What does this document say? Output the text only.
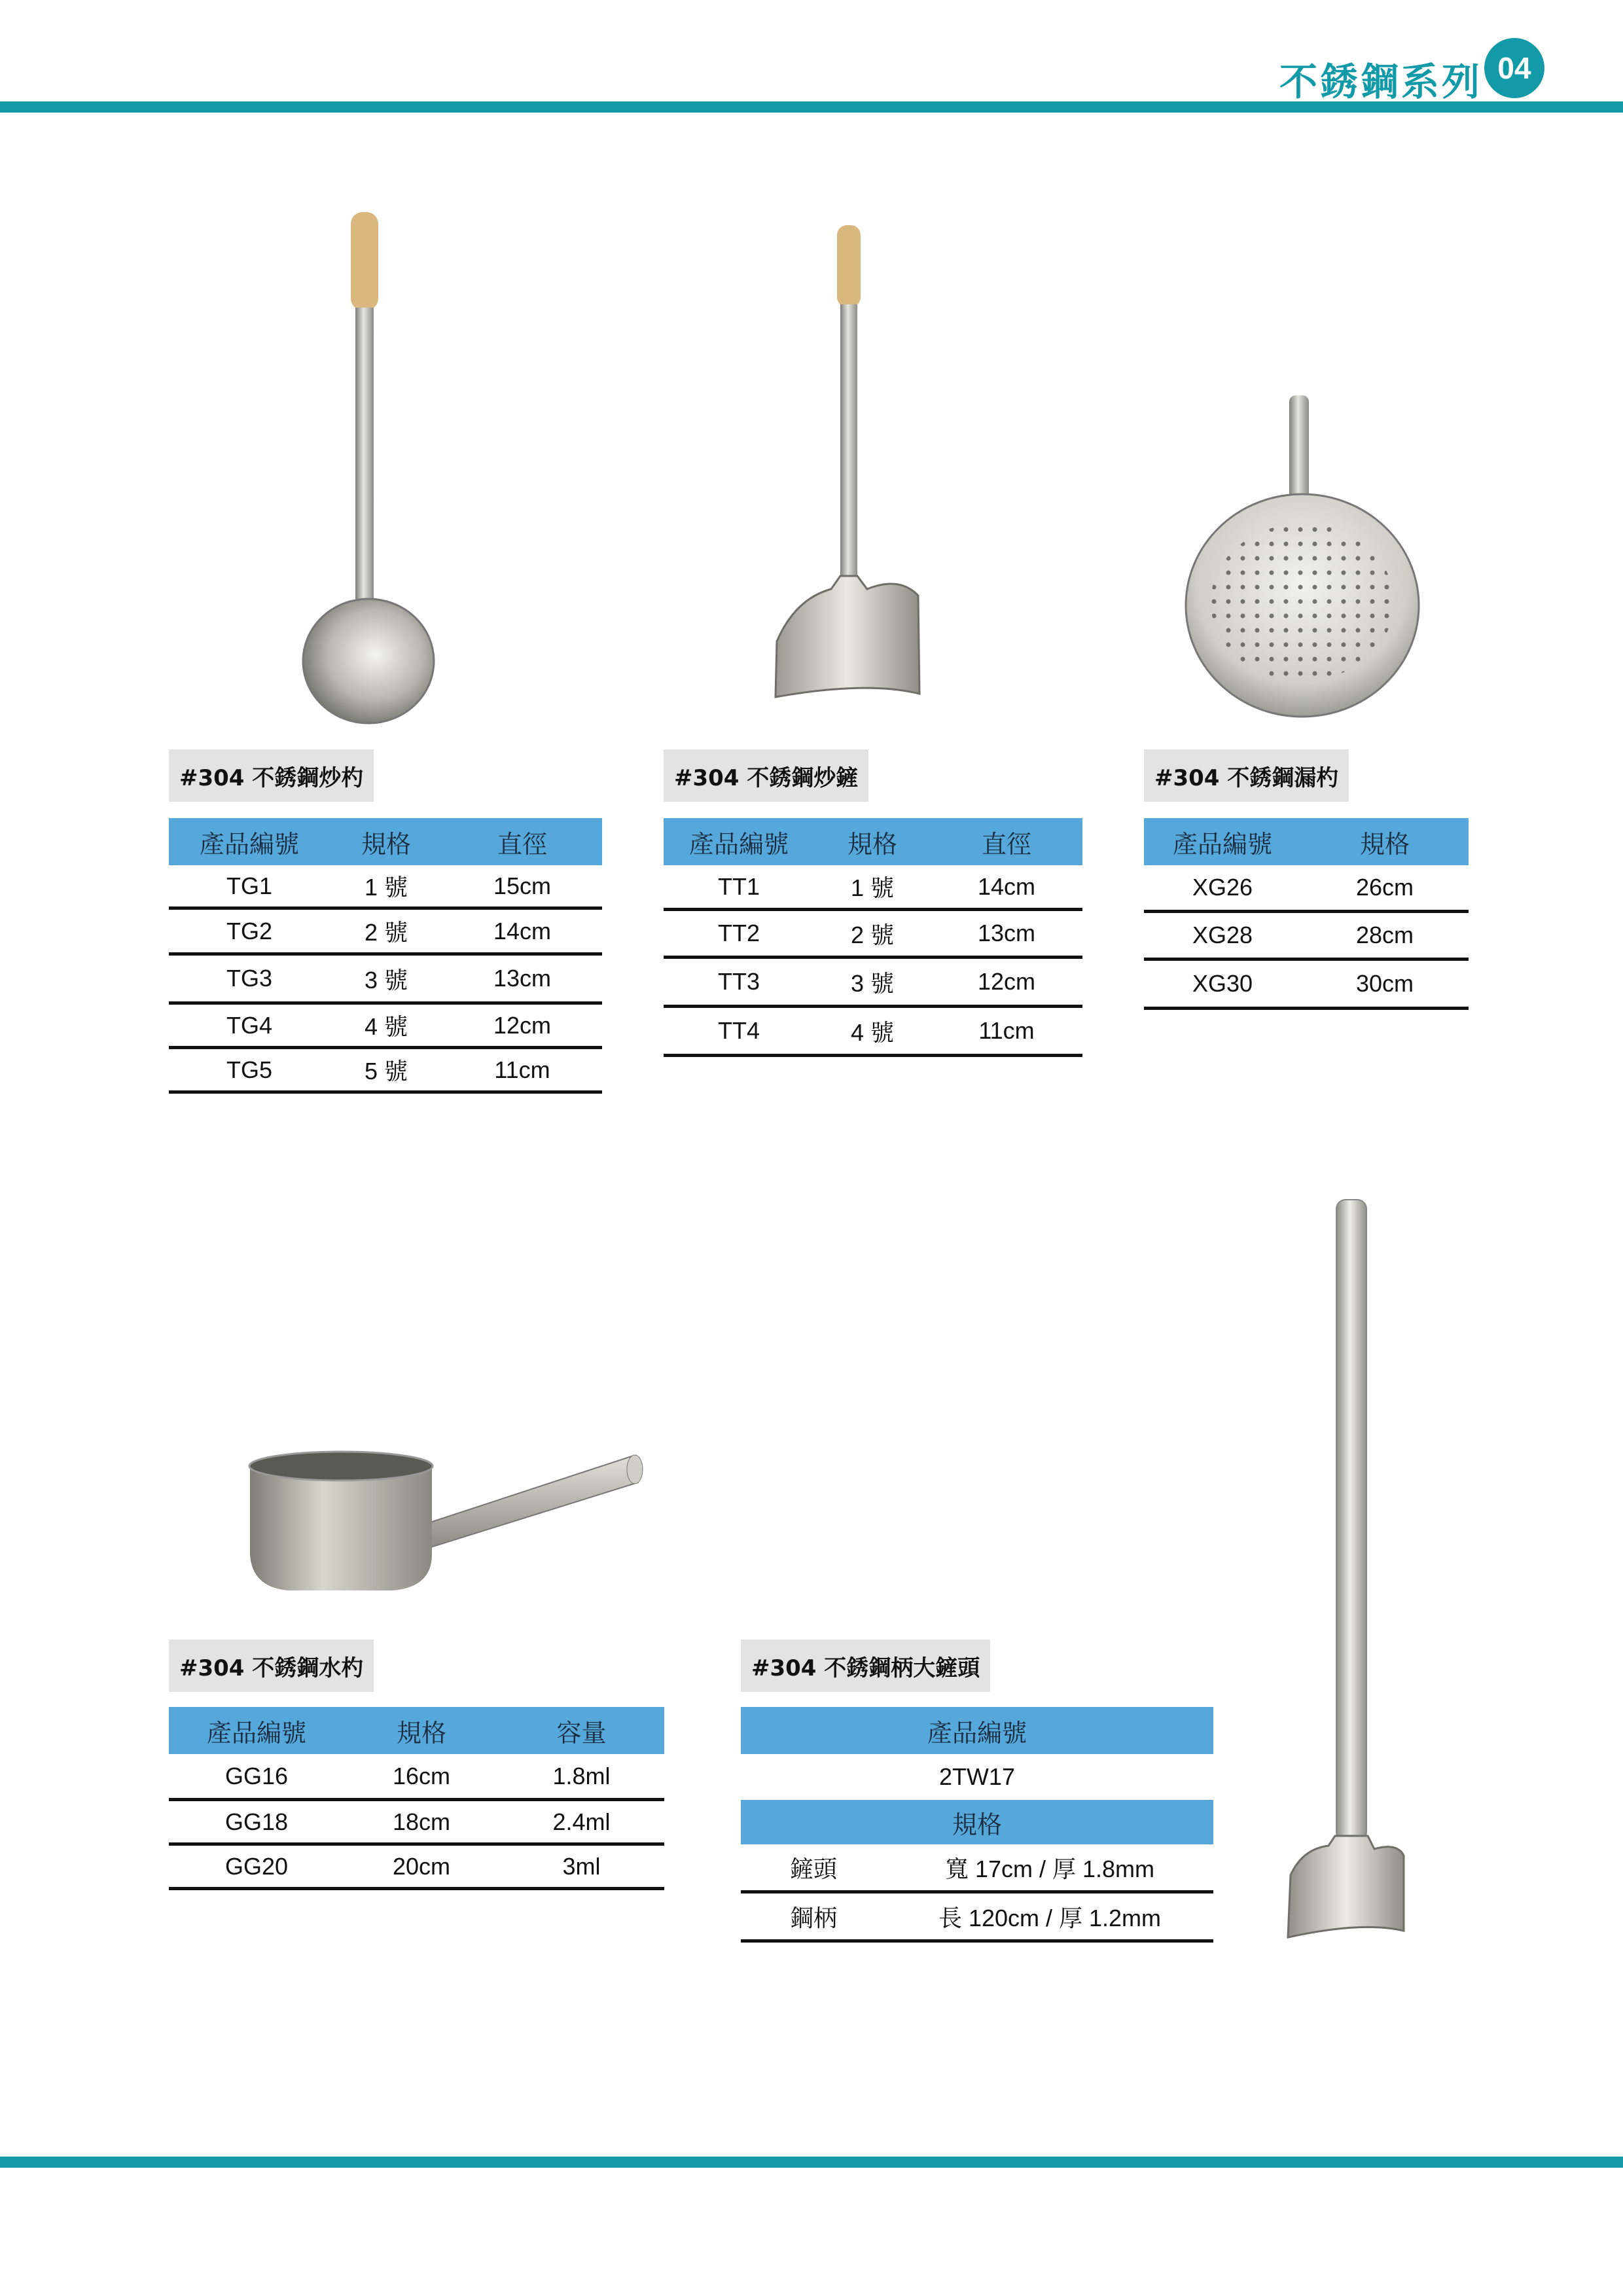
不銹鋼系列 04
#304 不銹鋼炒杓
產品編號	規格	直徑
TG1	1 號	15cm
TG2	2 號	14cm
TG3	3 號	13cm
TG4	4 號	12cm
TG5	5 號	11cm
#304 不銹鋼炒鏟
產品編號	規格	直徑
TT1	1 號	14cm
TT2	2 號	13cm
TT3	3 號	12cm
TT4	4 號	11cm
#304 不銹鋼漏杓
產品編號	規格
XG26	26cm
XG28	28cm
XG30	30cm
#304 不銹鋼水杓
產品編號	規格	容量
GG16	16cm	1.8ml
GG18	18cm	2.4ml
GG20	20cm	3ml
#304 不銹鋼柄大鏟頭
產品編號
2TW17
規格
鏟頭	寬 17cm / 厚 1.8mm
鋼柄	長 120cm / 厚 1.2mm
